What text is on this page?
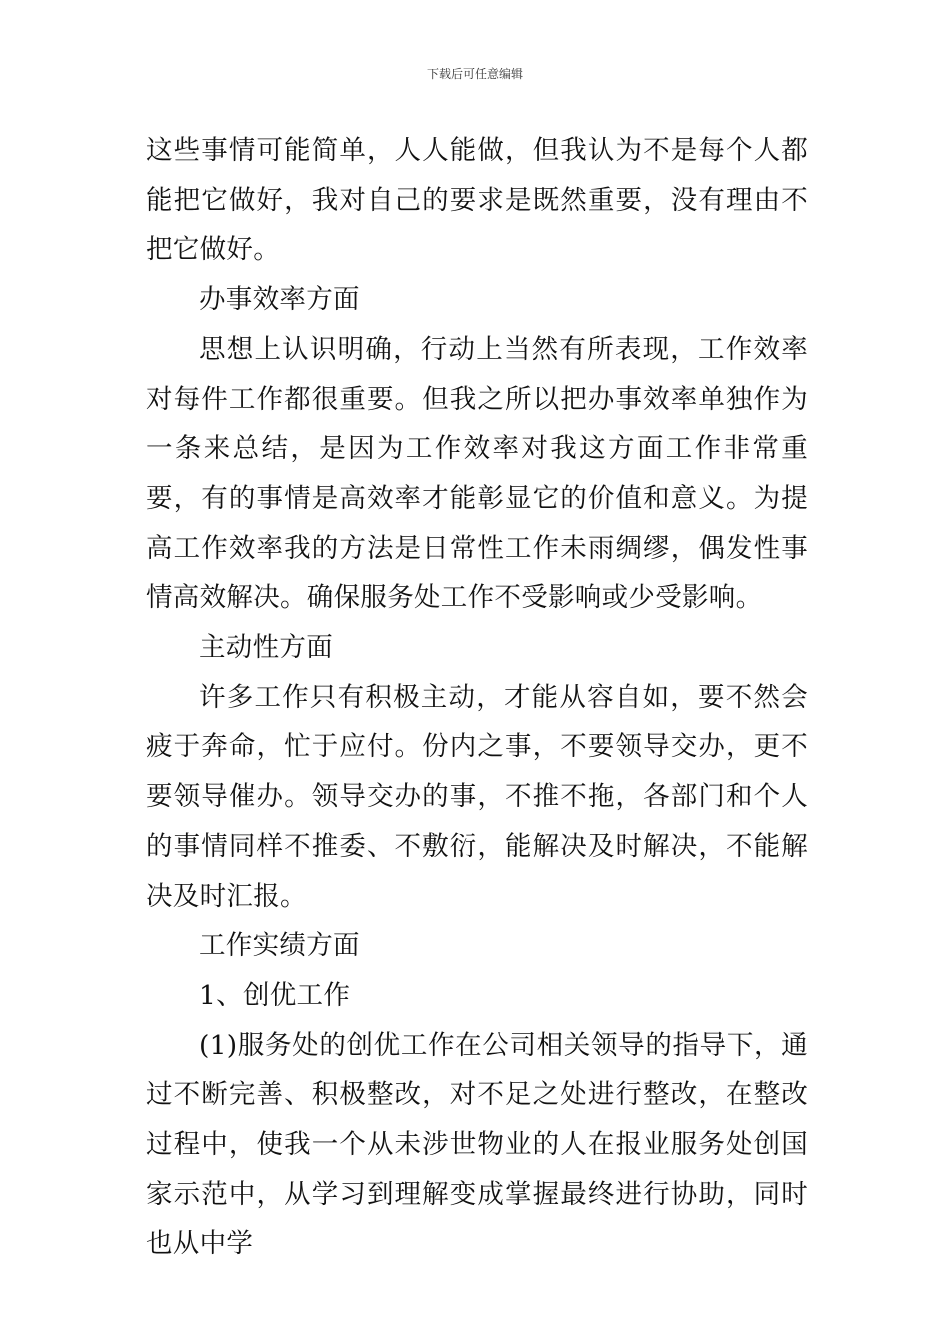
下载后可任意编辑

这些事情可能简单，人人能做，但我认为不是每个人都能把它做好，我对自己的要求是既然重要，没有理由不把它做好。

办事效率方面

思想上认识明确，行动上当然有所表现，工作效率对每件工作都很重要。但我之所以把办事效率单独作为一条来总结，是因为工作效率对我这方面工作非常重要，有的事情是高效率才能彰显它的价值和意义。为提高工作效率我的方法是日常性工作未雨绸缪，偶发性事情高效解决。确保服务处工作不受影响或少受影响。

主动性方面

许多工作只有积极主动，才能从容自如，要不然会疲于奔命，忙于应付。份内之事，不要领导交办，更不要领导催办。领导交办的事，不推不拖，各部门和个人的事情同样不推委、不敷衍，能解决及时解决，不能解决及时汇报。

工作实绩方面

1、创优工作

(1)服务处的创优工作在公司相关领导的指导下，通过不断完善、积极整改，对不足之处进行整改，在整改过程中，使我一个从未涉世物业的人在报业服务处创国家示范中，从学习到理解变成掌握最终进行协助，同时也从中学
